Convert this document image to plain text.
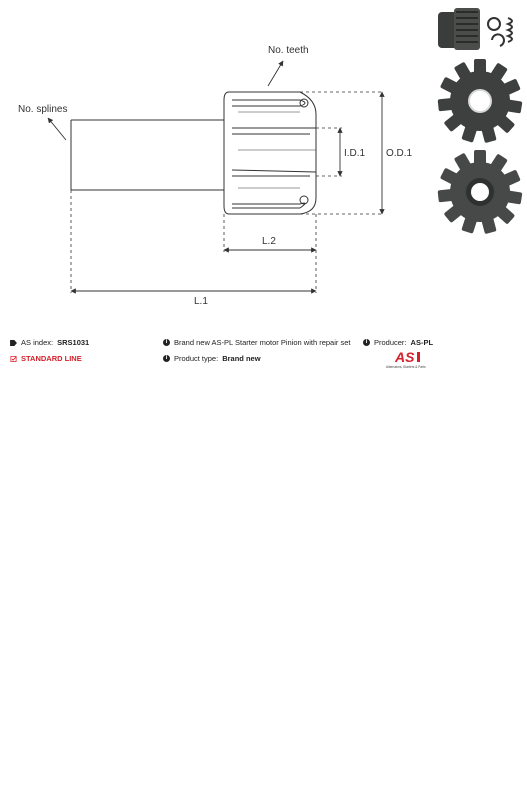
No. teeth
No. splines
I.D.1 O.D.1
L.2
L.1
AS index: SRS1031
STANDARD LINE
i Brand new AS-PL Starter motor Pinion with repair set
i Product type: Brand new
i Producer: AS-PL
AS
Alternators, Starters & Parts
